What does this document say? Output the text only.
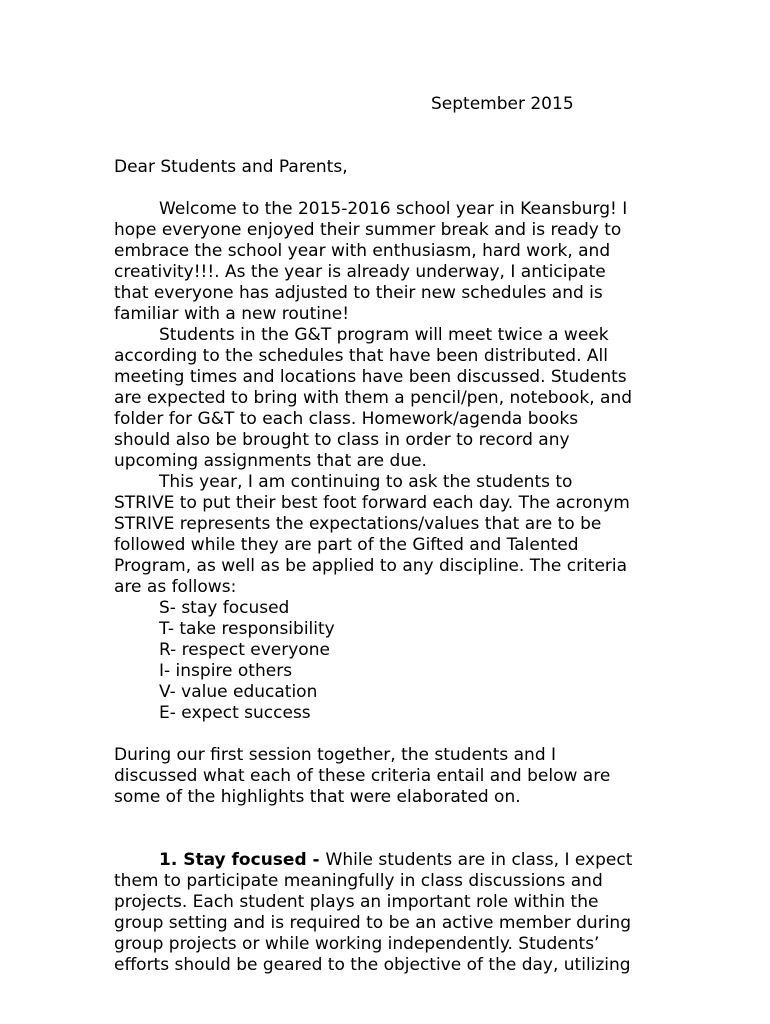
September 2015
Dear Students and Parents,
Welcome to the 2015-2016 school year in Keansburg! I
hope everyone enjoyed their summer break and is ready to
embrace the school year with enthusiasm, hard work, and
creativity!!!. As the year is already underway, I anticipate
that everyone has adjusted to their new schedules and is
familiar with a new routine!
Students in the G&T program will meet twice a week
according to the schedules that have been distributed. All
meeting times and locations have been discussed. Students
are expected to bring with them a pencil/pen, notebook, and
folder for G&T to each class. Homework/agenda books
should also be brought to class in order to record any
upcoming assignments that are due.
This year, I am continuing to ask the students to
STRIVE to put their best foot forward each day. The acronym
STRIVE represents the expectations/values that are to be
followed while they are part of the Gifted and Talented
Program, as well as be applied to any discipline. The criteria
are as follows:
S- stay focused
T- take responsibility
R- respect everyone
I- inspire others
V- value education
E- expect success
During our first session together, the students and I
discussed what each of these criteria entail and below are
some of the highlights that were elaborated on.
1. Stay focused - While students are in class, I expect
them to participate meaningfully in class discussions and
projects. Each student plays an important role within the
group setting and is required to be an active member during
group projects or while working independently. Students’
efforts should be geared to the objective of the day, utilizing
